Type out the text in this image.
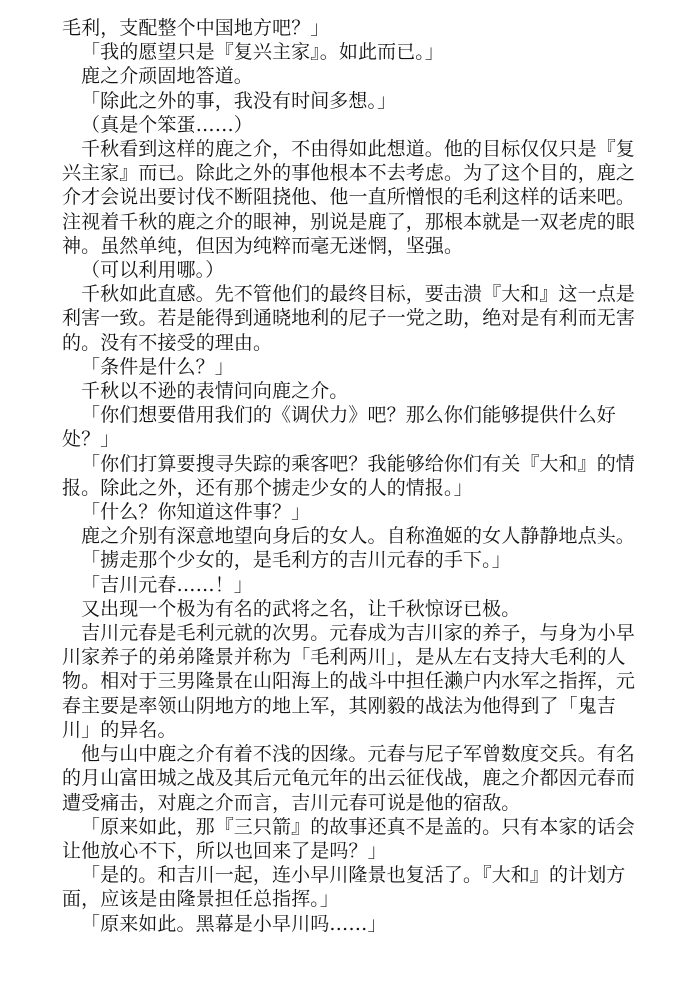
毛利，支配整个中国地方吧？」

「我的愿望只是『复兴主家』。如此而已。」

鹿之介顽固地答道。

「除此之外的事，我没有时间多想。」

（真是个笨蛋……）

千秋看到这样的鹿之介，不由得如此想道。他的目标仅仅只是『复兴主家』而已。除此之外的事他根本不去考虑。为了这个目的，鹿之介才会说出要讨伐不断阻挠他、他一直所憎恨的毛利这样的话来吧。注视着千秋的鹿之介的眼神，别说是鹿了，那根本就是一双老虎的眼神。虽然单纯，但因为纯粹而毫无迷惘，坚强。

（可以利用哪。）

千秋如此直感。先不管他们的最终目标，要击溃『大和』这一点是利害一致。若是能得到通晓地利的尼子一党之助，绝对是有利而无害的。没有不接受的理由。

「条件是什么？」

千秋以不逊的表情问向鹿之介。

「你们想要借用我们的《调伏力》吧？那么你们能够提供什么好处？」

「你们打算要搜寻失踪的乘客吧？我能够给你们有关『大和』的情报。除此之外，还有那个掳走少女的人的情报。」

「什么？你知道这件事？」

鹿之介别有深意地望向身后的女人。自称渔姬的女人静静地点头。

「掳走那个少女的，是毛利方的吉川元春的手下。」

「吉川元春……！」

又出现一个极为有名的武将之名，让千秋惊讶已极。

吉川元春是毛利元就的次男。元春成为吉川家的养子，与身为小早川家养子的弟弟隆景并称为「毛利两川」，是从左右支持大毛利的人物。相对于三男隆景在山阳海上的战斗中担任濑户内水军之指挥，元春主要是率领山阴地方的地上军，其刚毅的战法为他得到了「鬼吉川」的异名。

他与山中鹿之介有着不浅的因缘。元春与尼子军曾数度交兵。有名的月山富田城之战及其后元龟元年的出云征伐战，鹿之介都因元春而遭受痛击，对鹿之介而言，吉川元春可说是他的宿敌。

「原来如此，那『三只箭』的故事还真不是盖的。只有本家的话会让他放心不下，所以也回来了是吗？」

「是的。和吉川一起，连小早川隆景也复活了。『大和』的计划方面，应该是由隆景担任总指挥。」

「原来如此。黑幕是小早川吗……」
